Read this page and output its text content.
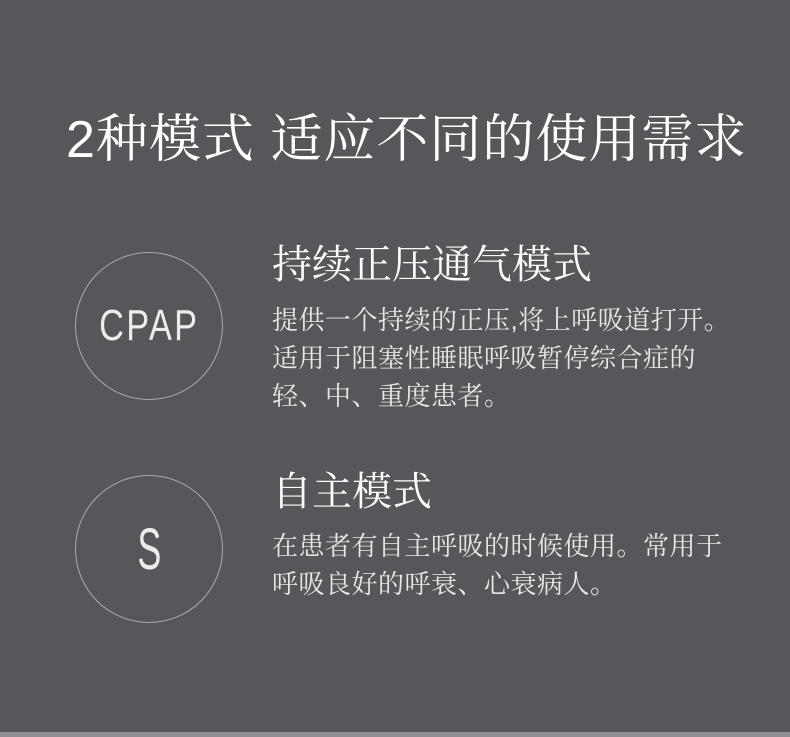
2种模式 适应不同的使用需求
CPAP
持续正压通气模式
提供一个持续的正压,将上呼吸道打开。
适用于阻塞性睡眠呼吸暂停综合症的
轻、中、重度患者。
S
自主模式
在患者有自主呼吸的时候使用。常用于
呼吸良好的呼衰、心衰病人。
